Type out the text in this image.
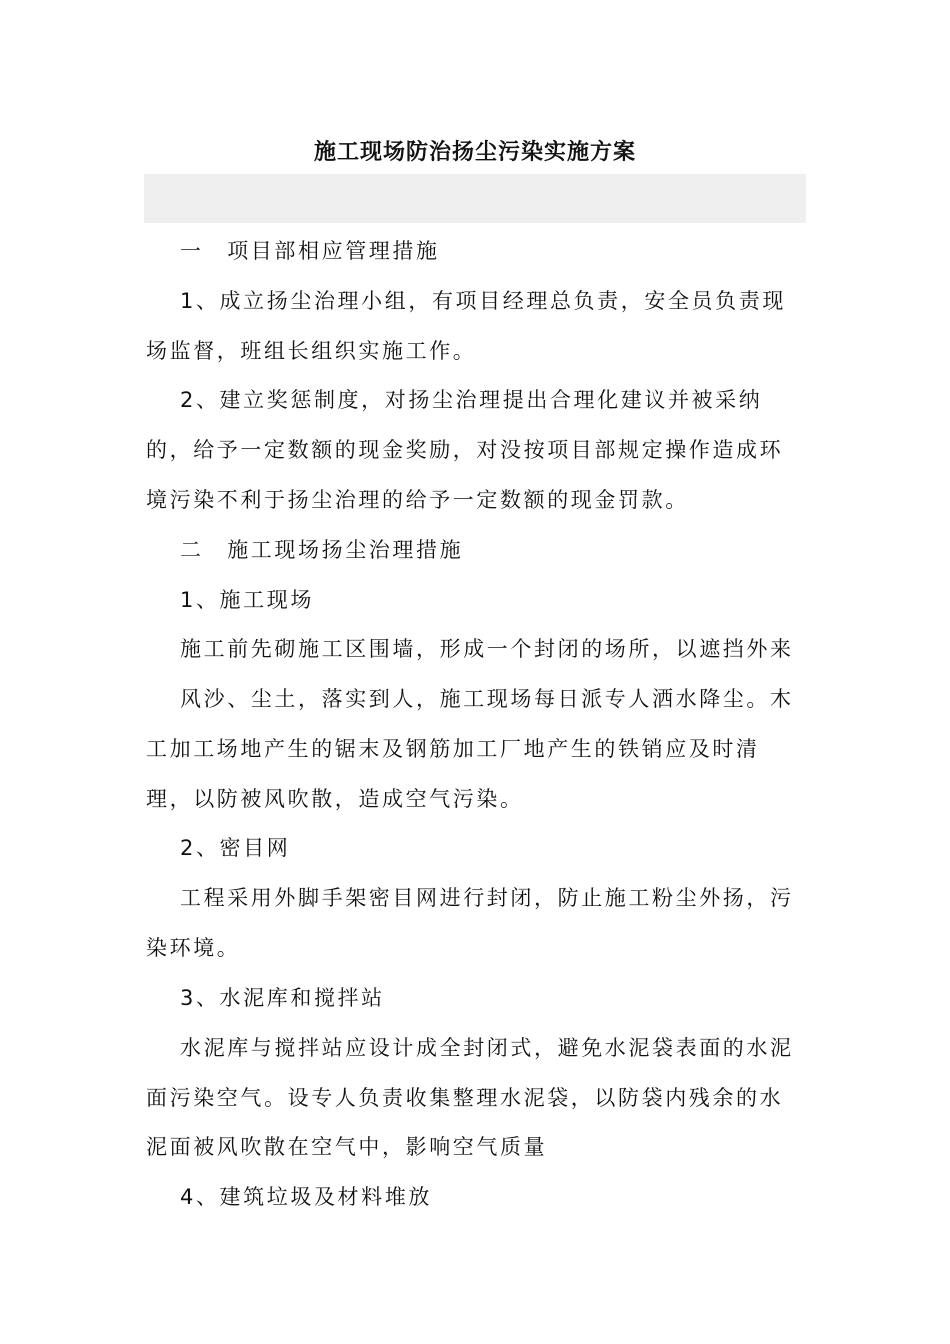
施工现场防治扬尘污染实施方案
一　项目部相应管理措施
1、成立扬尘治理小组，有项目经理总负责，安全员负责现
场监督，班组长组织实施工作。
2、建立奖惩制度，对扬尘治理提出合理化建议并被采纳
的，给予一定数额的现金奖励，对没按项目部规定操作造成环
境污染不利于扬尘治理的给予一定数额的现金罚款。
二　施工现场扬尘治理措施
1、施工现场
施工前先砌施工区围墙，形成一个封闭的场所，以遮挡外来
风沙、尘土，落实到人，施工现场每日派专人洒水降尘。木
工加工场地产生的锯末及钢筋加工厂地产生的铁销应及时清
理，以防被风吹散，造成空气污染。
2、密目网
工程采用外脚手架密目网进行封闭，防止施工粉尘外扬，污
染环境。
3、水泥库和搅拌站
水泥库与搅拌站应设计成全封闭式，避免水泥袋表面的水泥
面污染空气。设专人负责收集整理水泥袋，以防袋内残余的水
泥面被风吹散在空气中，影响空气质量
4、建筑垃圾及材料堆放
